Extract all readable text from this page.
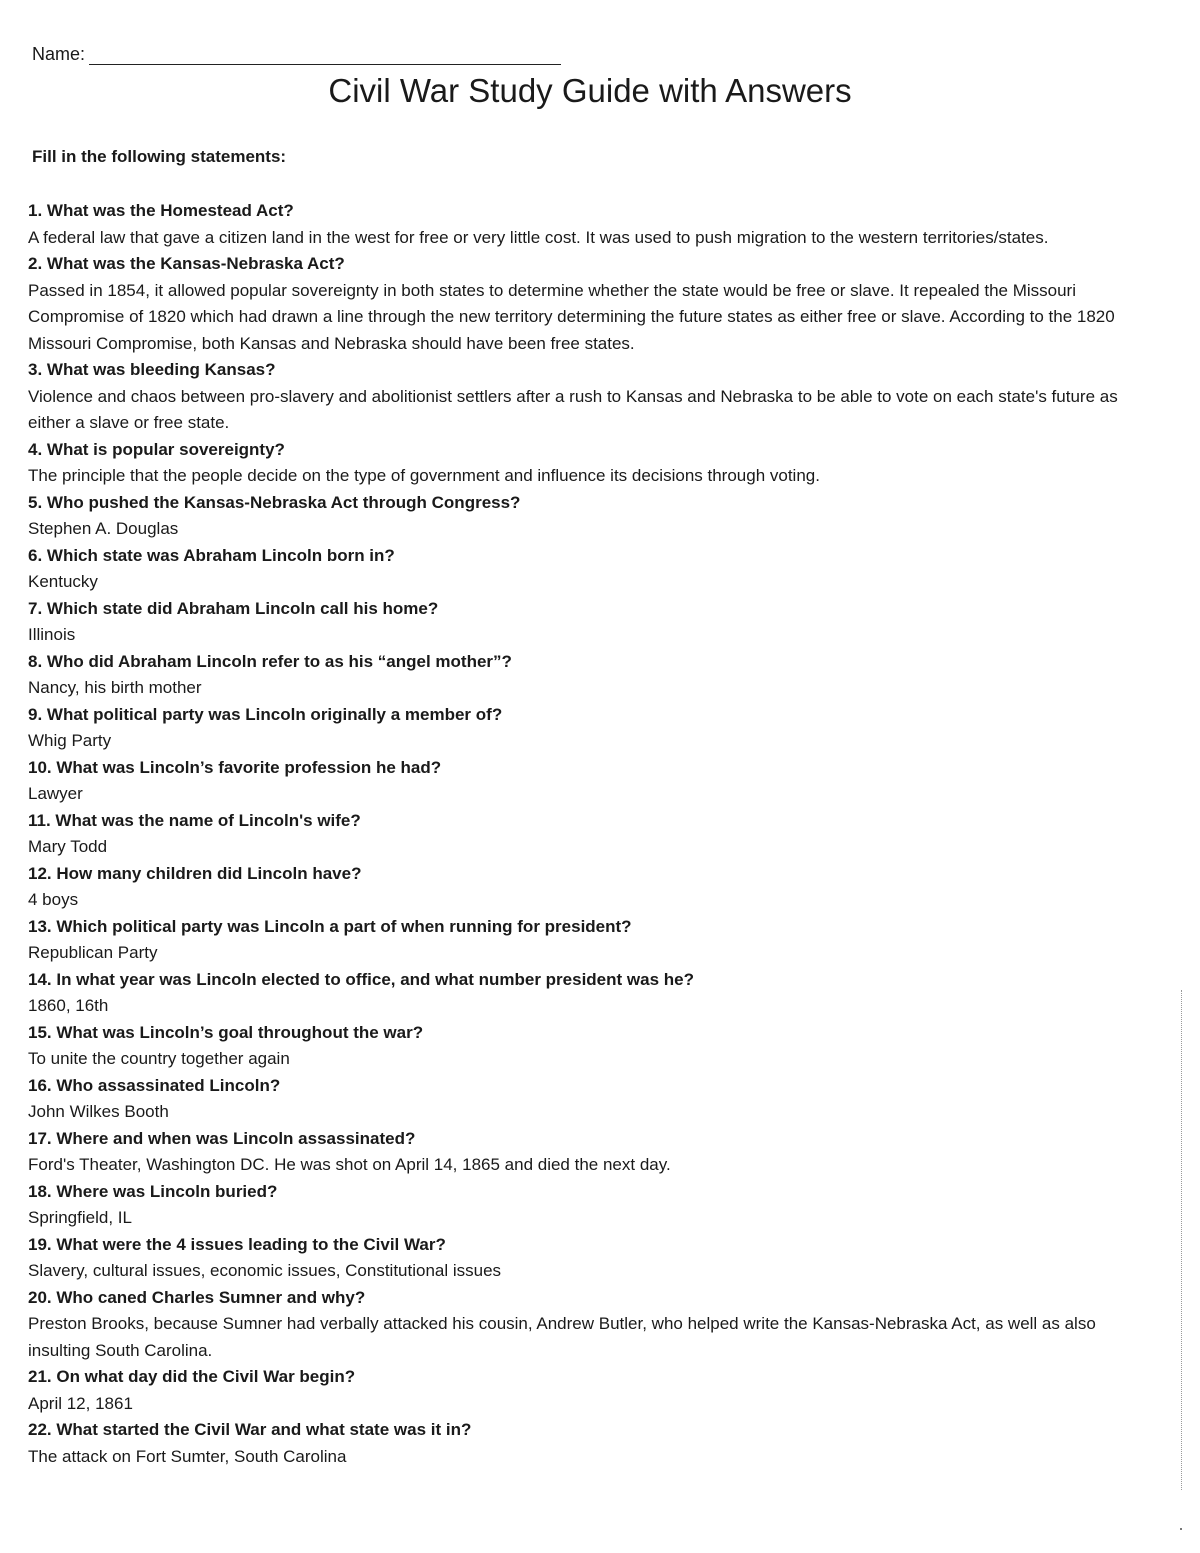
Name:
Civil War Study Guide with Answers
Fill in the following statements:
1. What was the Homestead Act?
A federal law that gave a citizen land in the west for free or very little cost. It was used to push migration to the western territories/states.
2. What was the Kansas-Nebraska Act?
Passed in 1854, it allowed popular sovereignty in both states to determine whether the state would be free or slave. It repealed the Missouri Compromise of 1820 which had drawn a line through the new territory determining the future states as either free or slave. According to the 1820 Missouri Compromise, both Kansas and Nebraska should have been free states.
3. What was bleeding Kansas?
Violence and chaos between pro-slavery and abolitionist settlers after a rush to Kansas and Nebraska to be able to vote on each state's future as either a slave or free state.
4. What is popular sovereignty?
The principle that the people decide on the type of government and influence its decisions through voting.
5. Who pushed the Kansas-Nebraska Act through Congress?
Stephen A. Douglas
6. Which state was Abraham Lincoln born in?
Kentucky
7. Which state did Abraham Lincoln call his home?
Illinois
8. Who did Abraham Lincoln refer to as his “angel mother”?
Nancy, his birth mother
9. What political party was Lincoln originally a member of?
Whig Party
10. What was Lincoln’s favorite profession he had?
Lawyer
11. What was the name of Lincoln's wife?
Mary Todd
12. How many children did Lincoln have?
4 boys
13. Which political party was Lincoln a part of when running for president?
Republican Party
14. In what year was Lincoln elected to office, and what number president was he?
1860, 16th
15. What was Lincoln’s goal throughout the war?
To unite the country together again
16. Who assassinated Lincoln?
John Wilkes Booth
17. Where and when was Lincoln assassinated?
Ford's Theater, Washington DC. He was shot on April 14, 1865 and died the next day.
18. Where was Lincoln buried?
Springfield, IL
19. What were the 4 issues leading to the Civil War?
Slavery, cultural issues, economic issues, Constitutional issues
20. Who caned Charles Sumner and why?
Preston Brooks, because Sumner had verbally attacked his cousin, Andrew Butler, who helped write the Kansas-Nebraska Act, as well as also insulting South Carolina.
21. On what day did the Civil War begin?
April 12, 1861
22. What started the Civil War and what state was it in?
The attack on Fort Sumter, South Carolina
